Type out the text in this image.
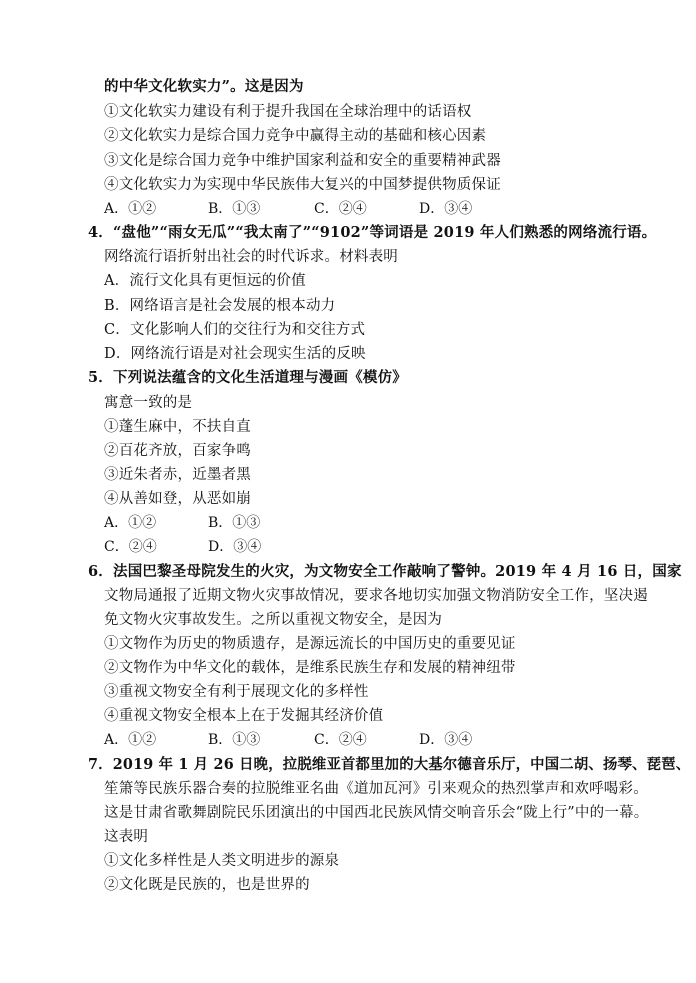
的中华文化软实力”。这是因为
①文化软实力建设有利于提升我国在全球治理中的话语权
②文化软实力是综合国力竞争中赢得主动的基础和核心因素
③文化是综合国力竞争中维护国家利益和安全的重要精神武器
④文化软实力为实现中华民族伟大复兴的中国梦提供物质保证
A．①②	B．①③	C．②④	D．③④
4．“盘他”“雨女无瓜”“我太南了”“9102”等词语是 2019 年人们熟悉的网络流行语。
网络流行语折射出社会的时代诉求。材料表明
A．流行文化具有更恒远的价值
B．网络语言是社会发展的根本动力
C．文化影响人们的交往行为和交往方式
D．网络流行语是对社会现实生活的反映
5．下列说法蕴含的文化生活道理与漫画《模仿》
寓意一致的是
①蓬生麻中，不扶自直
②百花齐放，百家争鸣
③近朱者赤，近墨者黑
④从善如登，从恶如崩
A．①②	B．①③
C．②④	D．③④
6．法国巴黎圣母院发生的火灾，为文物安全工作敲响了警钟。2019 年 4 月 16 日，国家
文物局通报了近期文物火灾事故情况，要求各地切实加强文物消防安全工作，坚决遏
免文物火灾事故发生。之所以重视文物安全，是因为
①文物作为历史的物质遗存，是源远流长的中国历史的重要见证
②文物作为中华文化的载体，是维系民族生存和发展的精神纽带
③重视文物安全有利于展现文化的多样性
④重视文物安全根本上在于发掘其经济价值
A．①②	B．①③	C．②④	D．③④
7．2019 年 1 月 26 日晚，拉脱维亚首都里加的大基尔德音乐厅，中国二胡、扬琴、琵琶、
笙箫等民族乐器合奏的拉脱维亚名曲《道加瓦河》引来观众的热烈掌声和欢呼喝彩。
这是甘肃省歌舞剧院民乐团演出的中国西北民族风情交响音乐会“陇上行”中的一幕。
这表明
①文化多样性是人类文明进步的源泉
②文化既是民族的，也是世界的
